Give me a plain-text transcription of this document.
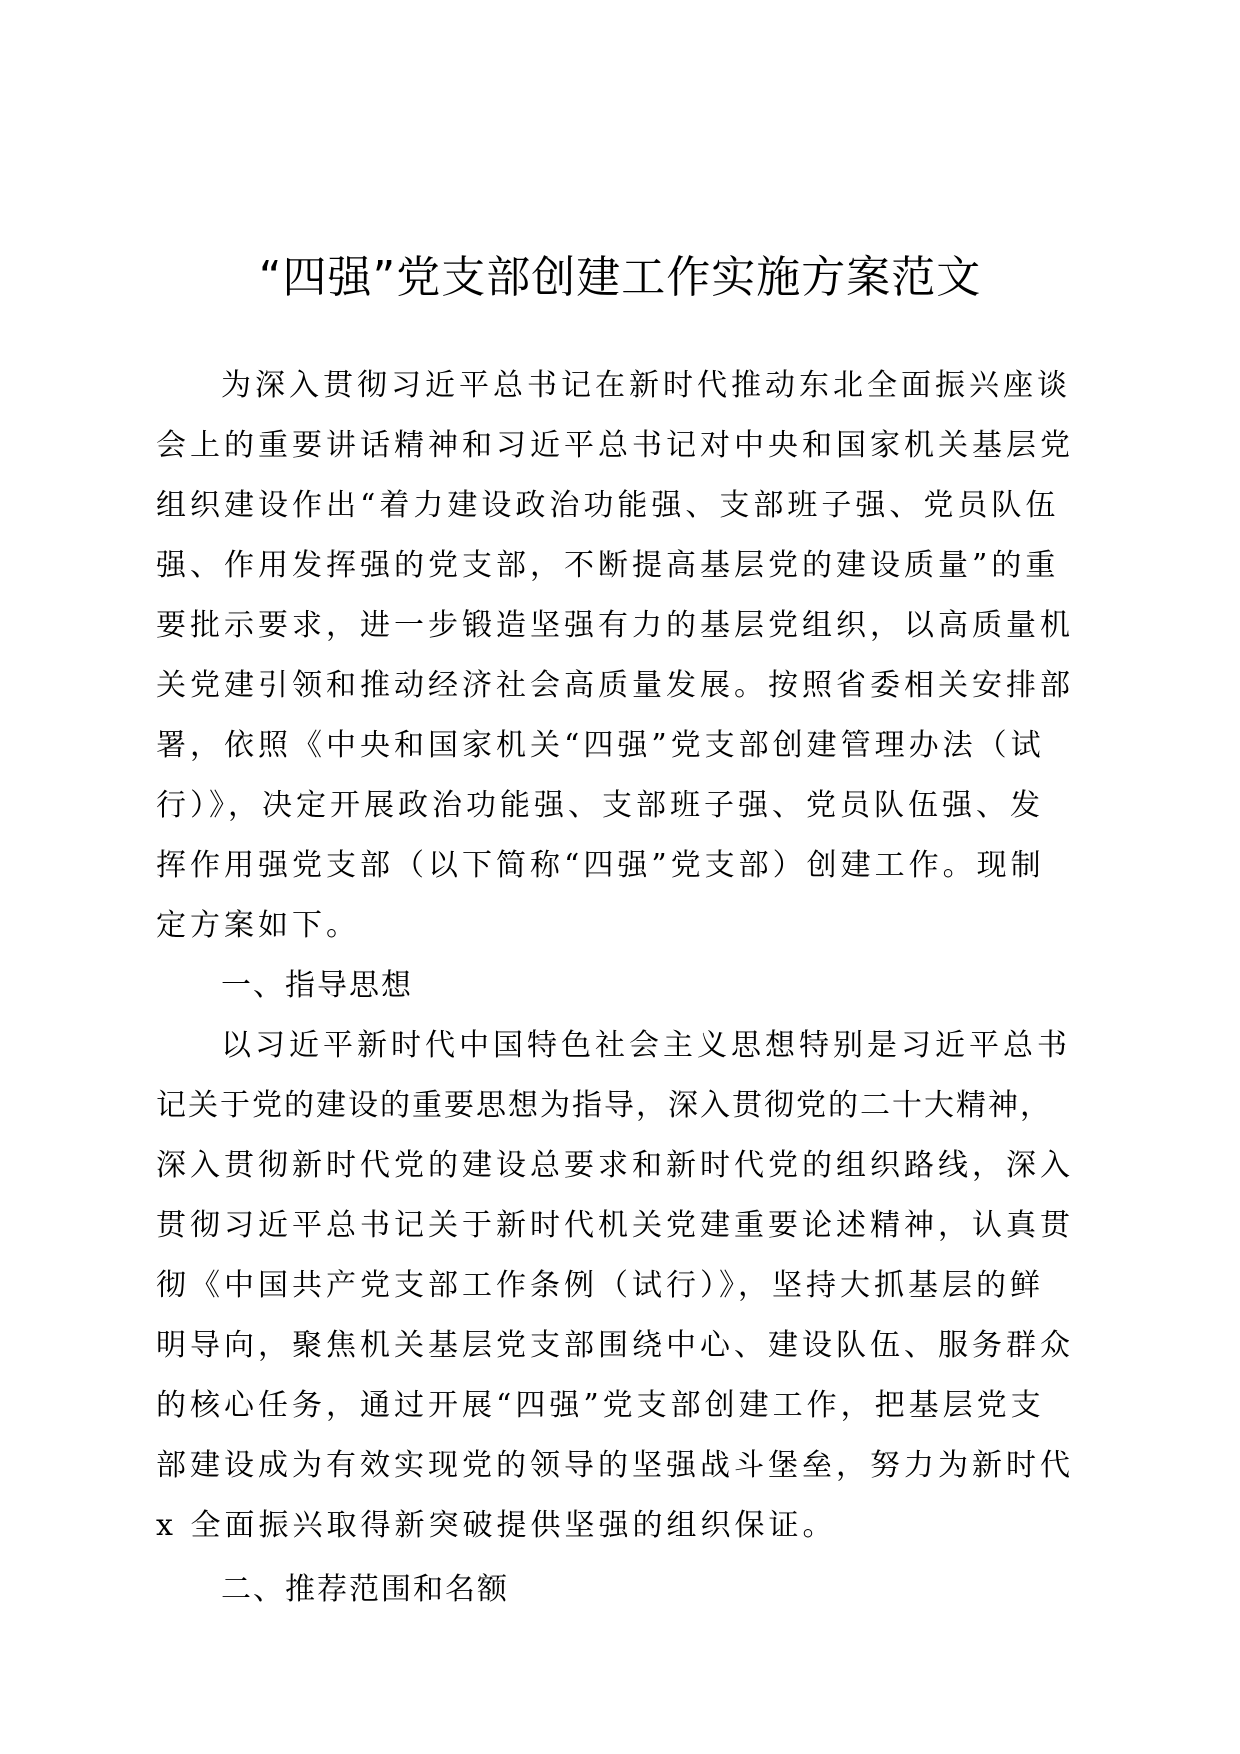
“四强”党支部创建工作实施方案范文
为深入贯彻习近平总书记在新时代推动东北全面振兴座谈
会上的重要讲话精神和习近平总书记对中央和国家机关基层党
组织建设作出“着力建设政治功能强、支部班子强、党员队伍
强、作用发挥强的党支部，不断提高基层党的建设质量”的重
要批示要求，进一步锻造坚强有力的基层党组织，以高质量机
关党建引领和推动经济社会高质量发展。按照省委相关安排部
署，依照《中央和国家机关“四强”党支部创建管理办法（试
行）》，决定开展政治功能强、支部班子强、党员队伍强、发
挥作用强党支部（以下简称“四强”党支部）创建工作。现制
定方案如下。
一、指导思想
以习近平新时代中国特色社会主义思想特别是习近平总书
记关于党的建设的重要思想为指导，深入贯彻党的二十大精神，
深入贯彻新时代党的建设总要求和新时代党的组织路线，深入
贯彻习近平总书记关于新时代机关党建重要论述精神，认真贯
彻《中国共产党支部工作条例（试行）》，坚持大抓基层的鲜
明导向，聚焦机关基层党支部围绕中心、建设队伍、服务群众
的核心任务，通过开展“四强”党支部创建工作，把基层党支
部建设成为有效实现党的领导的坚强战斗堡垒，努力为新时代
x 全面振兴取得新突破提供坚强的组织保证。
二、推荐范围和名额
